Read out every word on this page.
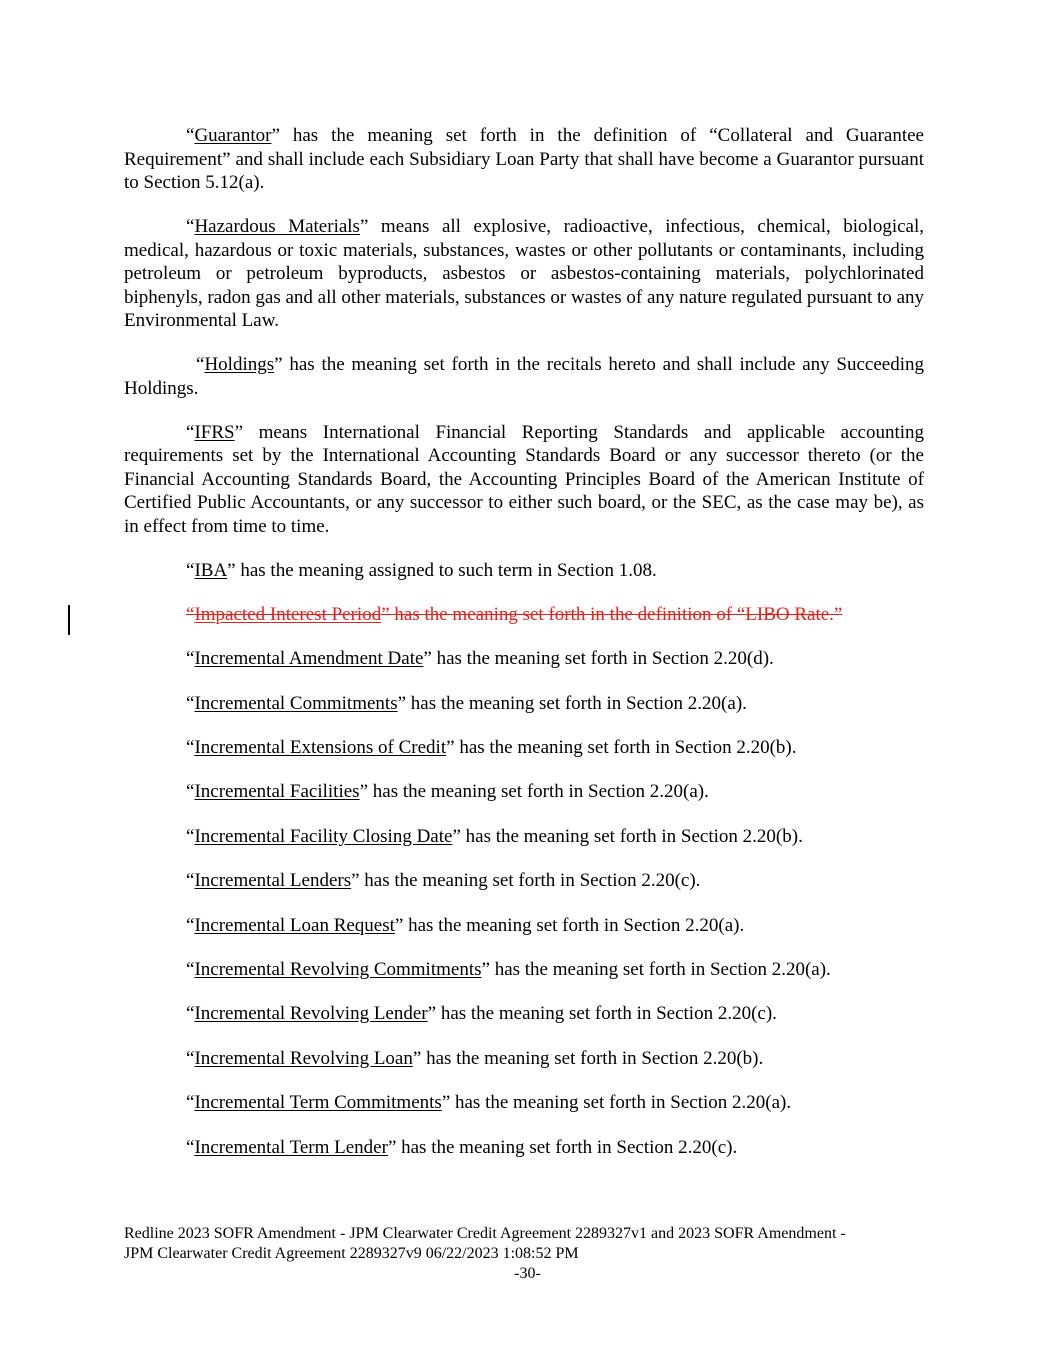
“Guarantor” has the meaning set forth in the definition of “Collateral and Guarantee Requirement” and shall include each Subsidiary Loan Party that shall have become a Guarantor pursuant to Section 5.12(a).

“Hazardous Materials” means all explosive, radioactive, infectious, chemical, biological, medical, hazardous or toxic materials, substances, wastes or other pollutants or contaminants, including petroleum or petroleum byproducts, asbestos or asbestos-containing materials, polychlorinated biphenyls, radon gas and all other materials, substances or wastes of any nature regulated pursuant to any Environmental Law.

“Holdings” has the meaning set forth in the recitals hereto and shall include any Succeeding Holdings.

“IFRS” means International Financial Reporting Standards and applicable accounting requirements set by the International Accounting Standards Board or any successor thereto (or the Financial Accounting Standards Board, the Accounting Principles Board of the American Institute of Certified Public Accountants, or any successor to either such board, or the SEC, as the case may be), as in effect from time to time.

“IBA” has the meaning assigned to such term in Section 1.08.

“Impacted Interest Period” has the meaning set forth in the definition of “LIBO Rate.”

“Incremental Amendment Date” has the meaning set forth in Section 2.20(d).

“Incremental Commitments” has the meaning set forth in Section 2.20(a).

“Incremental Extensions of Credit” has the meaning set forth in Section 2.20(b).

“Incremental Facilities” has the meaning set forth in Section 2.20(a).

“Incremental Facility Closing Date” has the meaning set forth in Section 2.20(b).

“Incremental Lenders” has the meaning set forth in Section 2.20(c).

“Incremental Loan Request” has the meaning set forth in Section 2.20(a).

“Incremental Revolving Commitments” has the meaning set forth in Section 2.20(a).

“Incremental Revolving Lender” has the meaning set forth in Section 2.20(c).

“Incremental Revolving Loan” has the meaning set forth in Section 2.20(b).

“Incremental Term Commitments” has the meaning set forth in Section 2.20(a).

“Incremental Term Lender” has the meaning set forth in Section 2.20(c).

Redline 2023 SOFR Amendment - JPM Clearwater Credit Agreement 2289327v1 and 2023 SOFR Amendment -
JPM Clearwater Credit Agreement 2289327v9 06/22/2023 1:08:52 PM
-30-
